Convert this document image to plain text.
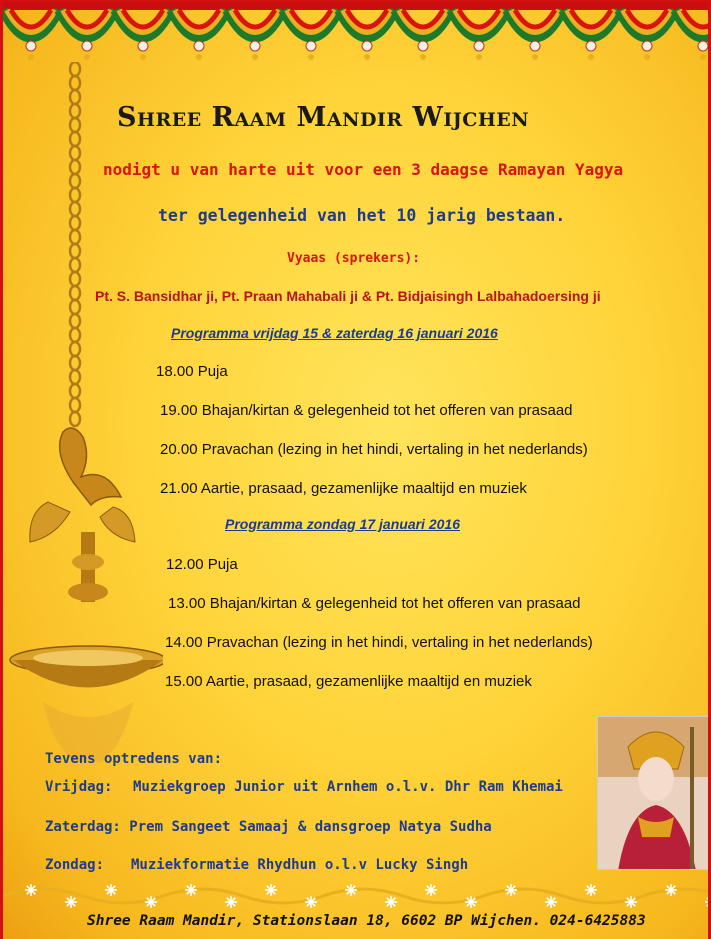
Shree Raam Mandir Wijchen
nodigt u van harte uit voor een 3 daagse Ramayan Yagya
ter gelegenheid van het 10 jarig bestaan.
Vyaas (sprekers):
Pt. S. Bansidhar ji, Pt. Praan Mahabali ji & Pt. Bidjaisingh Lalbahadoersing ji
Programma vrijdag 15 & zaterdag 16 januari 2016
18.00 Puja
19.00 Bhajan/kirtan & gelegenheid tot het offeren van prasaad
20.00 Pravachan (lezing in het hindi, vertaling in het nederlands)
21.00 Aartie, prasaad, gezamenlijke maaltijd en muziek
Programma zondag 17 januari 2016
12.00 Puja
13.00 Bhajan/kirtan & gelegenheid tot het offeren van prasaad
14.00 Pravachan (lezing in het hindi, vertaling in het nederlands)
15.00 Aartie, prasaad, gezamenlijke maaltijd en muziek
Tevens optredens van:
Vrijdag: Muziekgroep Junior uit Arnhem o.l.v. Dhr Ram Khemai
Zaterdag: Prem Sangeet Samaaj & dansgroep Natya Sudha
Zondag: Muziekformatie Rhydhun o.l.v Lucky Singh
Shree Raam Mandir, Stationslaan 18, 6602 BP Wijchen. 024-6425883
